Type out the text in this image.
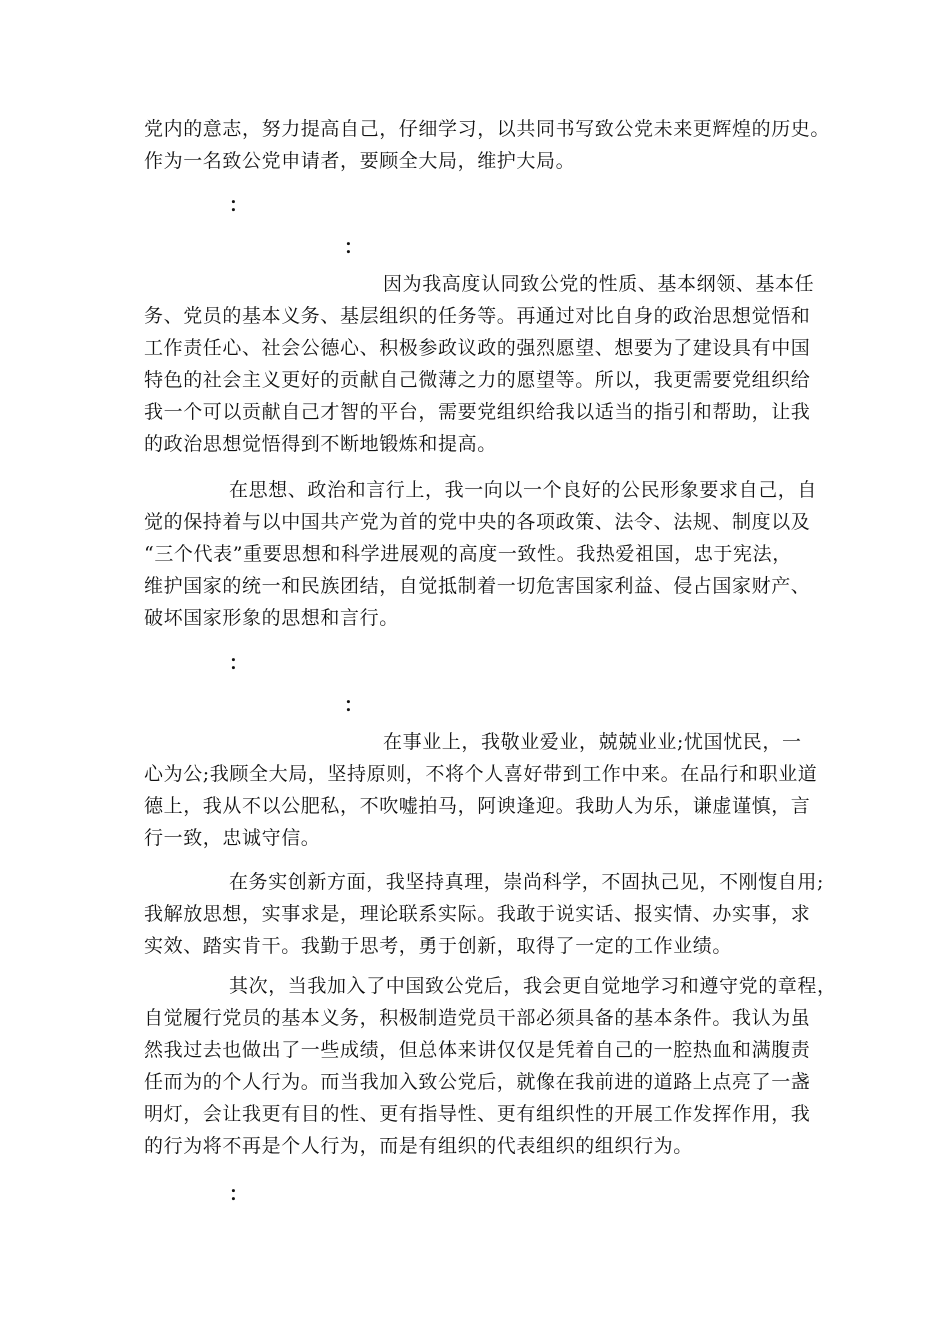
党内的意志，努力提高自己，仔细学习，以共同书写致公党未来更辉煌的历史。
作为一名致公党申请者，要顾全大局，维护大局。
：
：
因为我高度认同致公党的性质、基本纲领、基本任
务、党员的基本义务、基层组织的任务等。再通过对比自身的政治思想觉悟和
工作责任心、社会公德心、积极参政议政的强烈愿望、想要为了建设具有中国
特色的社会主义更好的贡献自己微薄之力的愿望等。所以，我更需要党组织给
我一个可以贡献自己才智的平台，需要党组织给我以适当的指引和帮助，让我
的政治思想觉悟得到不断地锻炼和提高。
在思想、政治和言行上，我一向以一个良好的公民形象要求自己，自
觉的保持着与以中国共产党为首的党中央的各项政策、法令、法规、制度以及
“三个代表”重要思想和科学进展观的高度一致性。我热爱祖国，忠于宪法，
维护国家的统一和民族团结，自觉抵制着一切危害国家利益、侵占国家财产、
破坏国家形象的思想和言行。
：
：
在事业上，我敬业爱业，兢兢业业;忧国忧民，一
心为公;我顾全大局，坚持原则，不将个人喜好带到工作中来。在品行和职业道
德上，我从不以公肥私，不吹嘘拍马，阿谀逢迎。我助人为乐，谦虚谨慎，言
行一致，忠诚守信。
在务实创新方面，我坚持真理，崇尚科学，不固执己见，不刚愎自用;
我解放思想，实事求是，理论联系实际。我敢于说实话、报实情、办实事，求
实效、踏实肯干。我勤于思考，勇于创新，取得了一定的工作业绩。
其次，当我加入了中国致公党后，我会更自觉地学习和遵守党的章程，
自觉履行党员的基本义务，积极制造党员干部必须具备的基本条件。我认为虽
然我过去也做出了一些成绩，但总体来讲仅仅是凭着自己的一腔热血和满腹责
任而为的个人行为。而当我加入致公党后，就像在我前进的道路上点亮了一盏
明灯，会让我更有目的性、更有指导性、更有组织性的开展工作发挥作用，我
的行为将不再是个人行为，而是有组织的代表组织的组织行为。
：
